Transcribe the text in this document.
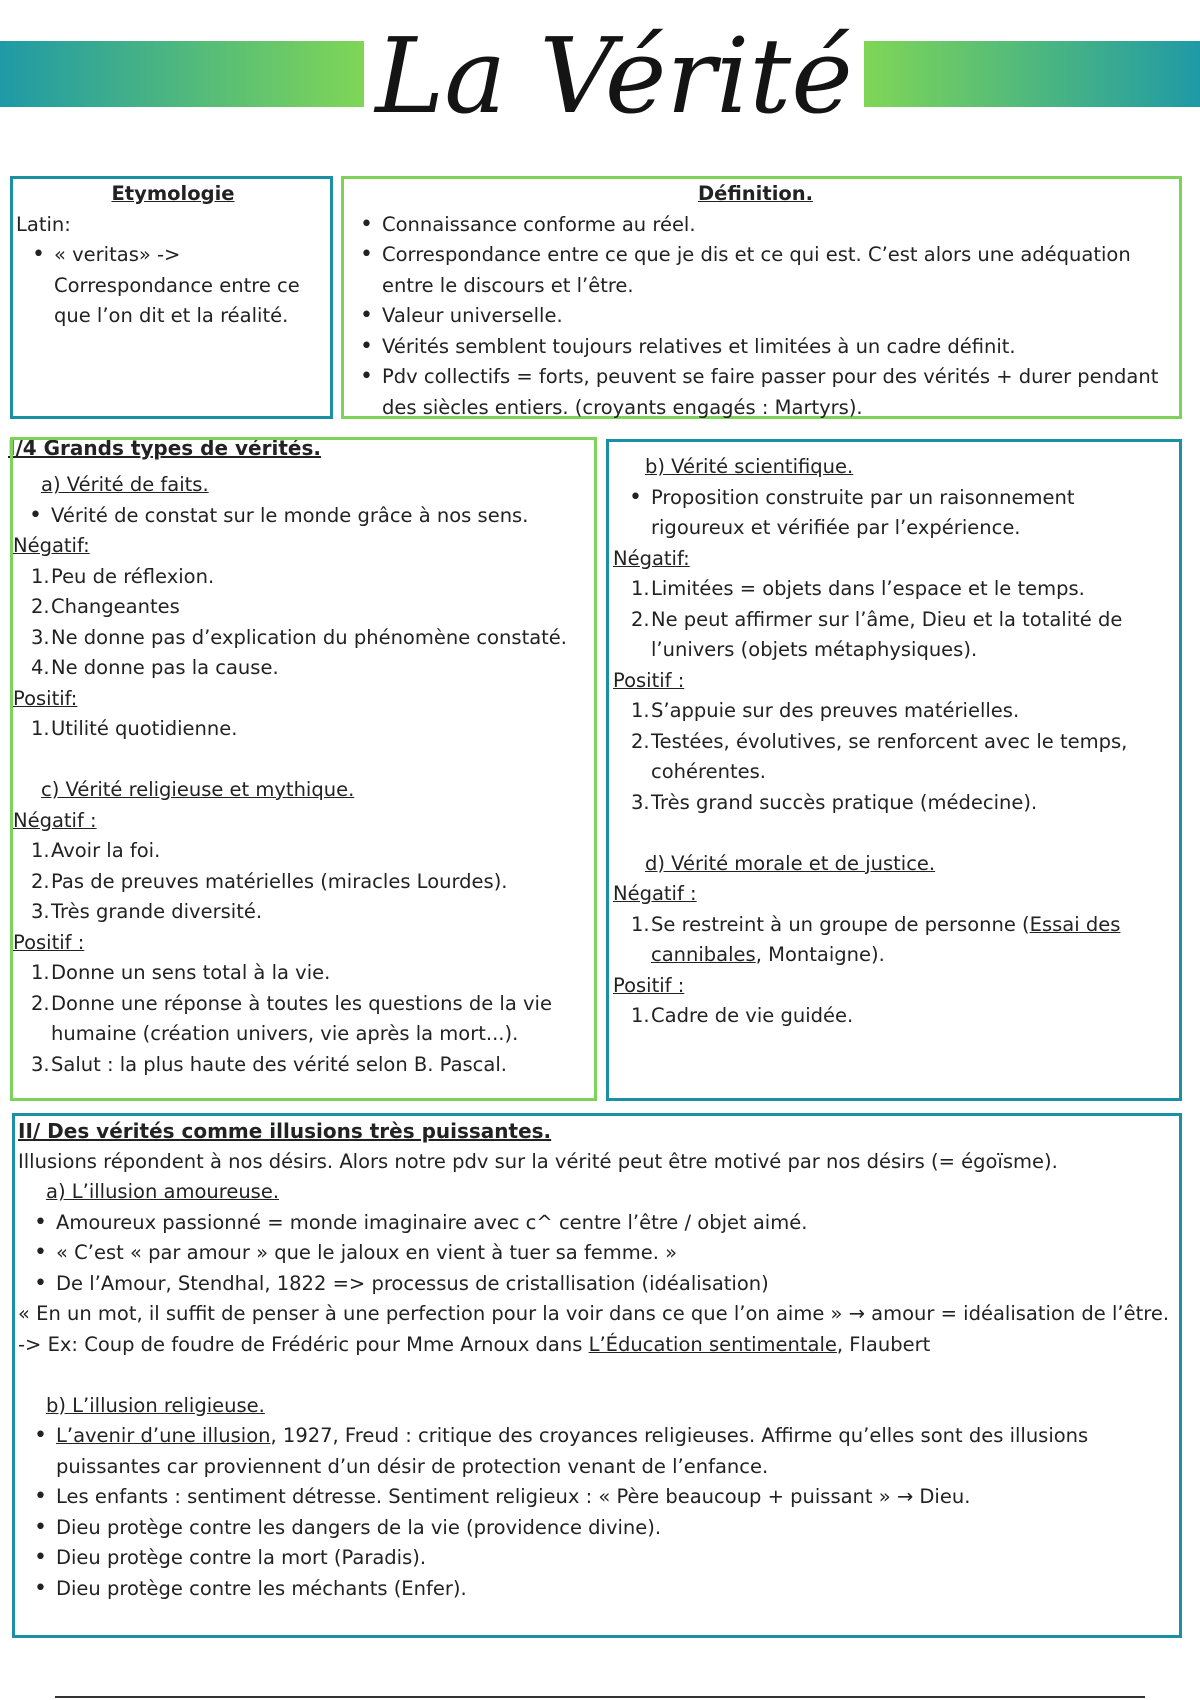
La Vérité
Etymologie

Latin:

• « veritas» -> Correspondance entre ce que l’on dit et la réalité.
Définition.
• Connaissance conforme au réel.
• Correspondance entre ce que je dis et ce qui est. C’est alors une adéquation entre le discours et l’être.
• Valeur universelle.
• Vérités semblent toujours relatives et limitées à un cadre définit.
• Pdv collectifs = forts, peuvent se faire passer pour des vérités + durer pendant des siècles entiers. (croyants engagés : Martyrs).
I/4 Grands types de vérités.

a) Vérité de faits.

• Vérité de constat sur le monde grâce à nos sens.

Négatif:

1. Peu de réflexion.
2. Changeantes
3. Ne donne pas d’explication du phénomène constaté.
4. Ne donne pas la cause.

Positif:

1. Utilité quotidienne.

c) Vérité religieuse et mythique.

Négatif :

1. Avoir la foi.
2. Pas de preuves matérielles (miracles Lourdes).
3. Très grande diversité.

Positif :

1. Donne un sens total à la vie.
2. Donne une réponse à toutes les questions de la vie humaine (création univers, vie après la mort...).
3. Salut : la plus haute des vérité selon B. Pascal.

b) Vérité scientifique.

• Proposition construite par un raisonnement rigoureux et vérifiée par l’expérience.

Négatif:

1. Limitées = objets dans l’espace et le temps.
2. Ne peut affirmer sur l’âme, Dieu et la totalité de l’univers (objets métaphysiques).

Positif :

1. S’appuie sur des preuves matérielles.
2. Testées, évolutives, se renforcent avec le temps, cohérentes.
3. Très grand succès pratique (médecine).

d) Vérité morale et de justice.

Négatif :

1. Se restreint à un groupe de personne (Essai des cannibales, Montaigne).

Positif :

1. Cadre de vie guidée.

II/ Des vérités comme illusions très puissantes.

Illusions répondent à nos désirs. Alors notre pdv sur la vérité peut être motivé par nos désirs (= égoïsme).

a) L’illusion amoureuse.

• Amoureux passionné = monde imaginaire avec c^ centre l’être / objet aimé.
• « C’est « par amour » que le jaloux en vient à tuer sa femme. »
• De l’Amour, Stendhal, 1822 => processus de cristallisation (idéalisation)

« En un mot, il suffit de penser à une perfection pour la voir dans ce que l’on aime » → amour = idéalisation de l’être.

-> Ex: Coup de foudre de Frédéric pour Mme Arnoux dans L’Éducation sentimentale, Flaubert

b) L’illusion religieuse.

• L’avenir d’une illusion, 1927, Freud : critique des croyances religieuses. Affirme qu’elles sont des illusions puissantes car proviennent d’un désir de protection venant de l’enfance.
• Les enfants : sentiment détresse. Sentiment religieux : « Père beaucoup + puissant » → Dieu.
• Dieu protège contre les dangers de la vie (providence divine).
• Dieu protège contre la mort (Paradis).
• Dieu protège contre les méchants (Enfer).
